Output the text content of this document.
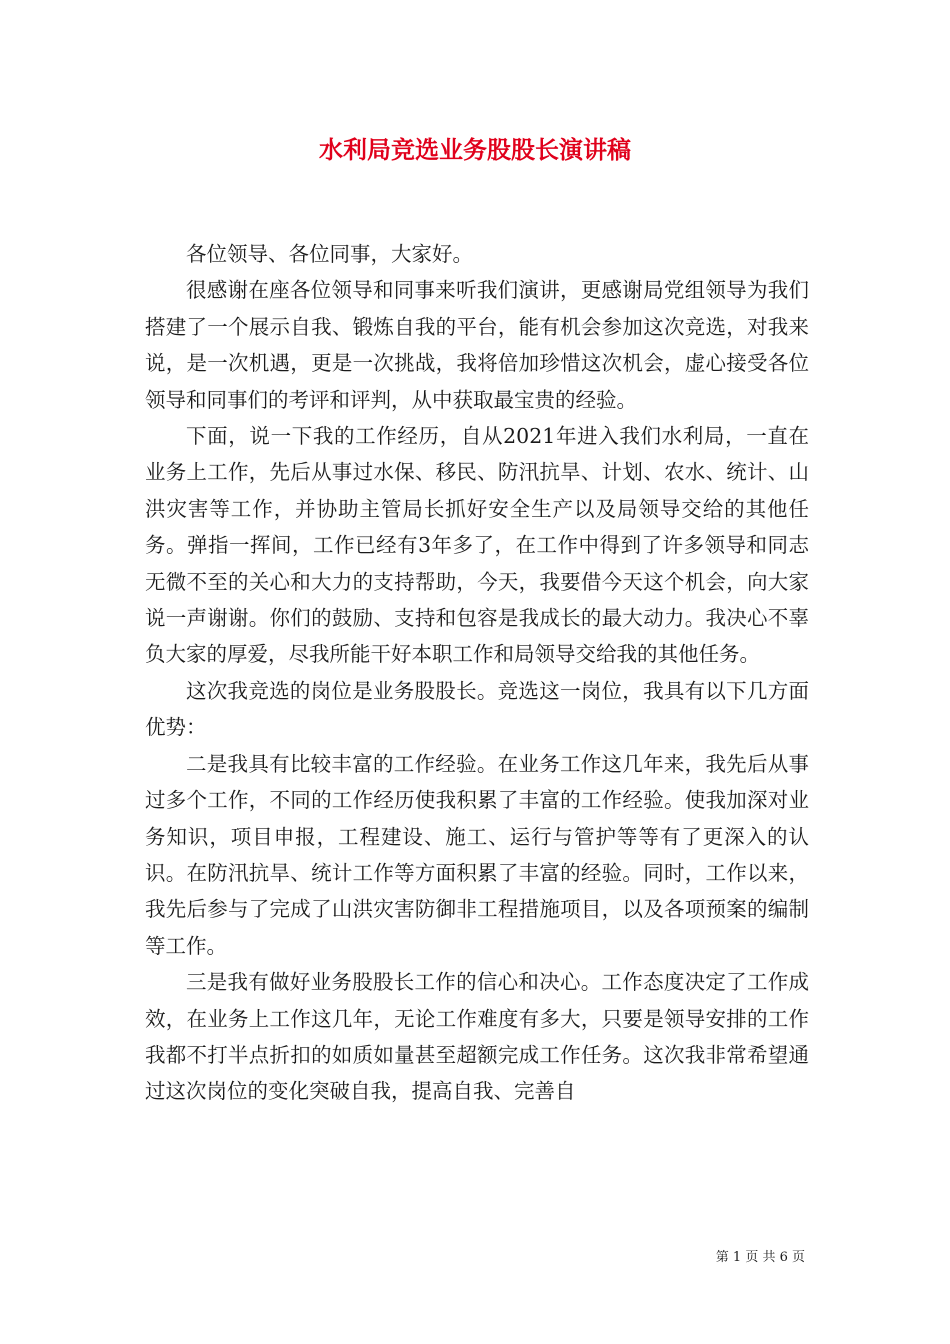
水利局竞选业务股股长演讲稿

各位领导、各位同事，大家好。

很感谢在座各位领导和同事来听我们演讲，更感谢局党组领导为我们搭建了一个展示自我、锻炼自我的平台，能有机会参加这次竞选，对我来说，是一次机遇，更是一次挑战，我将倍加珍惜这次机会，虚心接受各位领导和同事们的考评和评判，从中获取最宝贵的经验。

下面，说一下我的工作经历，自从2021年进入我们水利局，一直在业务上工作，先后从事过水保、移民、防汛抗旱、计划、农水、统计、山洪灾害等工作，并协助主管局长抓好安全生产以及局领导交给的其他任务。弹指一挥间，工作已经有3年多了，在工作中得到了许多领导和同志无微不至的关心和大力的支持帮助，今天，我要借今天这个机会，向大家说一声谢谢。你们的鼓励、支持和包容是我成长的最大动力。我决心不辜负大家的厚爱，尽我所能干好本职工作和局领导交给我的其他任务。

这次我竞选的岗位是业务股股长。竞选这一岗位，我具有以下几方面优势：

二是我具有比较丰富的工作经验。在业务工作这几年来，我先后从事过多个工作，不同的工作经历使我积累了丰富的工作经验。使我加深对业务知识，项目申报，工程建设、施工、运行与管护等等有了更深入的认识。在防汛抗旱、统计工作等方面积累了丰富的经验。同时，工作以来，我先后参与了完成了山洪灾害防御非工程措施项目，以及各项预案的编制等工作。

三是我有做好业务股股长工作的信心和决心。工作态度决定了工作成效，在业务上工作这几年，无论工作难度有多大，只要是领导安排的工作我都不打半点折扣的如质如量甚至超额完成工作任务。这次我非常希望通过这次岗位的变化突破自我，提高自我、完善自

第 1 页 共 6 页
